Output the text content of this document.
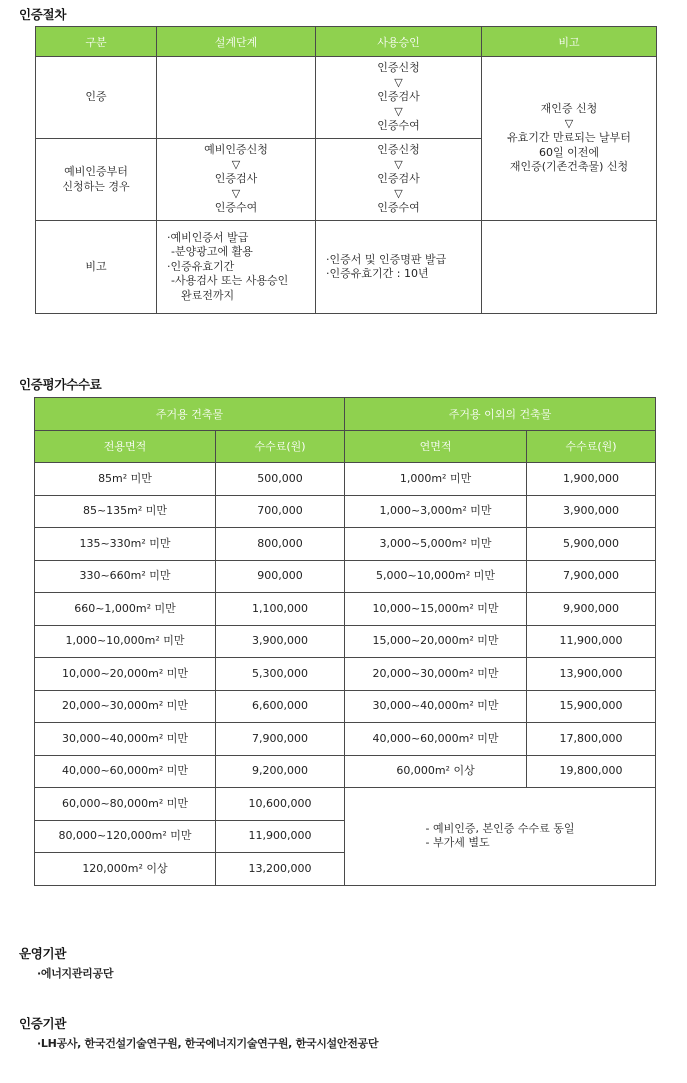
인증절차
구분	설계단계	사용승인	비고
인증		인증신청
▽
인증검사
▽
인증수여	재인증 신청
▽
유효기간 만료되는 날부터
60일 이전에
재인증(기존건축물) 신청

예비인증부터
신청하는 경우	예비인증신청
▽
인증검사
▽
인증수여	인증신청
▽
인증검사
▽
인증수여	

비고	·예비인증서 발급
-분양광고에 활용
·인증유효기간
-사용검사 또는 사용승인
완료전까지	·인증서 및 인증명판 발급
·인증유효기간 : 10년	

인증평가수수료
주거용 건축물		주거용 이외의 건축물	
전용면적	수수료(원)	연면적	수수료(원)
85m² 미만	500,000	1,000m² 미만	1,900,000
85~135m² 미만	700,000	1,000~3,000m² 미만	3,900,000
135~330m² 미만	800,000	3,000~5,000m² 미만	5,900,000
330~660m² 미만	900,000	5,000~10,000m² 미만	7,900,000
660~1,000m² 미만	1,100,000	10,000~15,000m² 미만	9,900,000
1,000~10,000m² 미만	3,900,000	15,000~20,000m² 미만	11,900,000
10,000~20,000m² 미만	5,300,000	20,000~30,000m² 미만	13,900,000
20,000~30,000m² 미만	6,600,000	30,000~40,000m² 미만	15,900,000
30,000~40,000m² 미만	7,900,000	40,000~60,000m² 미만	17,800,000
40,000~60,000m² 미만	9,200,000	60,000m² 이상	19,800,000
60,000~80,000m² 미만	10,600,000	- 예비인증, 본인증 수수료 동일
- 부가세 별도	

80,000~120,000m² 미만	11,900,000		
120,000m² 이상	13,200,000		
운영기관
·에너지관리공단
인증기관
·LH공사, 한국건설기술연구원, 한국에너지기술연구원, 한국시설안전공단
